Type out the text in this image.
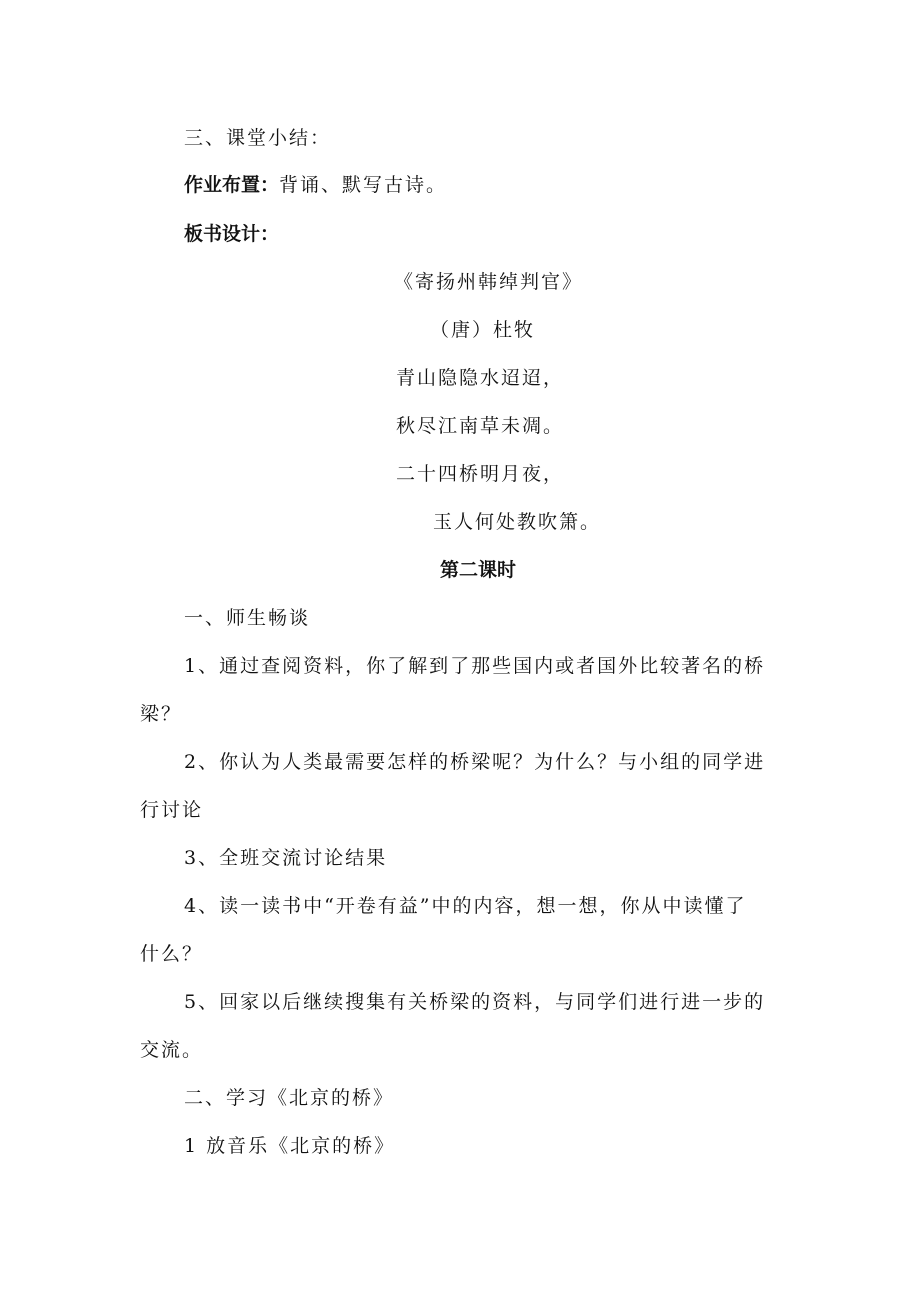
三、课堂小结：
作业布置：背诵、默写古诗。
板书设计：
《寄扬州韩绰判官》
（唐）杜牧
青山隐隐水迢迢，
秋尽江南草未凋。
二十四桥明月夜，
玉人何处教吹箫。
第二课时
一、师生畅谈
1、通过查阅资料，你了解到了那些国内或者国外比较著名的桥
梁？
2、你认为人类最需要怎样的桥梁呢？为什么？与小组的同学进
行讨论
3、全班交流讨论结果
4、读一读书中“开卷有益”中的内容，想一想，你从中读懂了
什么？
5、回家以后继续搜集有关桥梁的资料，与同学们进行进一步的
交流。
二、学习《北京的桥》
1 放音乐《北京的桥》
